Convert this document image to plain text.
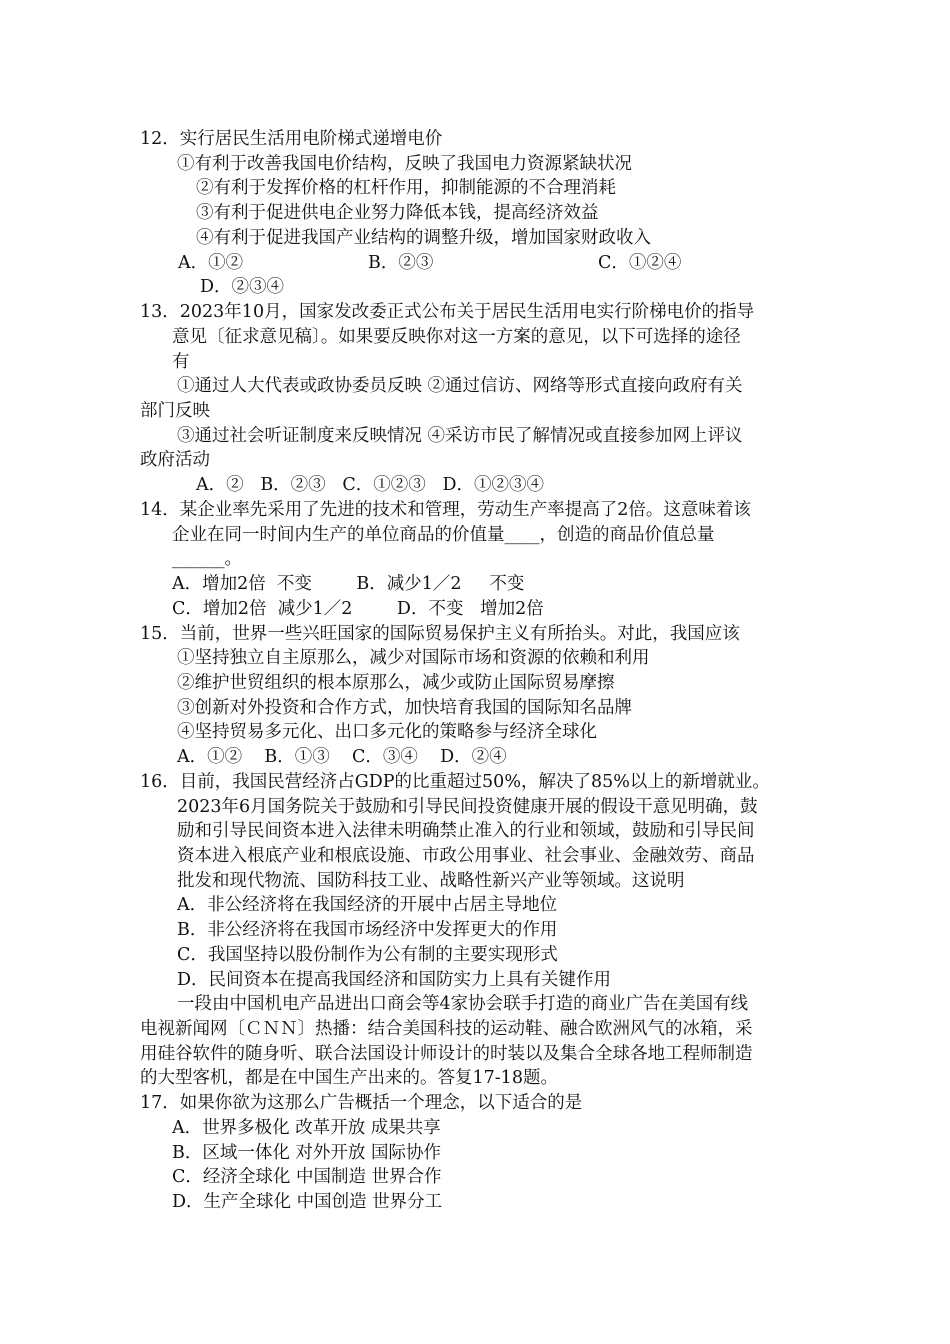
12．实行居民生活用电阶梯式递增电价
①有利于改善我国电价结构，反映了我国电力资源紧缺状况
②有利于发挥价格的杠杆作用，抑制能源的不合理消耗
③有利于促进供电企业努力降低本钱，提高经济效益
④有利于促进我国产业结构的调整升级，增加国家财政收入
A．①②	B．②③	C．①②④
D．②③④
13．2023年10月，国家发改委正式公布关于居民生活用电实行阶梯电价的指导
意见〔征求意见稿〕。如果要反映你对这一方案的意见，以下可选择的途径
有
①通过人大代表或政协委员反映 ②通过信访、网络等形式直接向政府有关
部门反映
③通过社会听证制度来反映情况 ④采访市民了解情况或直接参加网上评议
政府活动
A．②   B．②③   C．①②③   D．①②③④
14．某企业率先采用了先进的技术和管理，劳动生产率提高了2倍。这意味着该
企业在同一时间内生产的单位商品的价值量____，创造的商品价值总量
______。
A．增加2倍  不变        B．减少1／2     不变
C．增加2倍  减少1／2        D．不变   增加2倍
15．当前，世界一些兴旺国家的国际贸易保护主义有所抬头。对此，我国应该
①坚持独立自主原那么，减少对国际市场和资源的依赖和利用
②维护世贸组织的根本原那么，减少或防止国际贸易摩擦
③创新对外投资和合作方式，加快培育我国的国际知名品牌
④坚持贸易多元化、出口多元化的策略参与经济全球化
A．①②    B．①③    C．③④    D．②④
16．目前，我国民营经济占GDP的比重超过50%，解决了85%以上的新增就业。
2023年6月国务院关于鼓励和引导民间投资健康开展的假设干意见明确，鼓
励和引导民间资本进入法律未明确禁止准入的行业和领域，鼓励和引导民间
资本进入根底产业和根底设施、市政公用事业、社会事业、金融效劳、商品
批发和现代物流、国防科技工业、战略性新兴产业等领域。这说明
A．非公经济将在我国经济的开展中占居主导地位
B．非公经济将在我国市场经济中发挥更大的作用
C．我国坚持以股份制作为公有制的主要实现形式
D．民间资本在提高我国经济和国防实力上具有关键作用
一段由中国机电产品进出口商会等4家协会联手打造的商业广告在美国有线
电视新闻网〔ＣＮＮ〕热播：结合美国科技的运动鞋、融合欧洲风气的冰箱，采
用硅谷软件的随身听、联合法国设计师设计的时装以及集合全球各地工程师制造
的大型客机，都是在中国生产出来的。答复17-18题。
17．如果你欲为这那么广告概括一个理念，以下适合的是
A．世界多极化 改革开放 成果共享
B．区域一体化 对外开放 国际协作
C．经济全球化 中国制造 世界合作
D．生产全球化 中国创造 世界分工
